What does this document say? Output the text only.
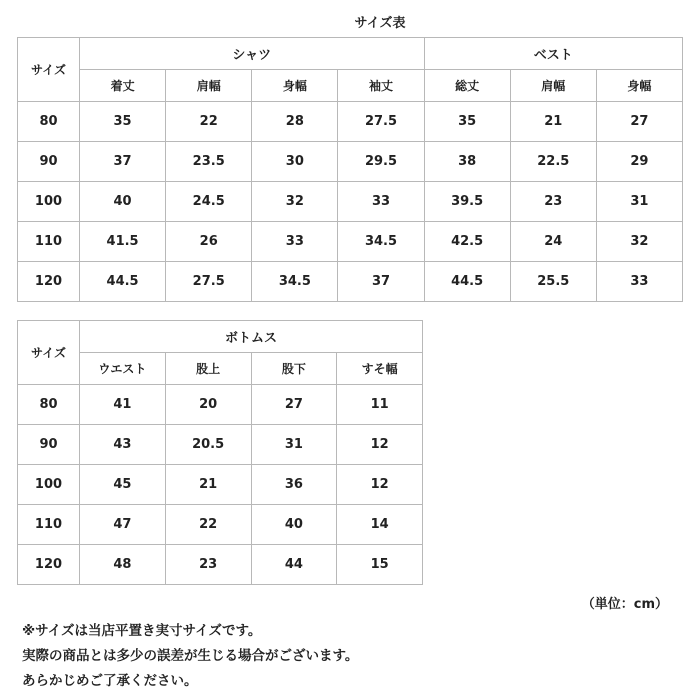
サイズ表
サイズ	シャツ				ベスト		
	着丈	肩幅	身幅	袖丈	総丈	肩幅	身幅
80	35	22	28	27.5	35	21	27
90	37	23.5	30	29.5	38	22.5	29
100	40	24.5	32	33	39.5	23	31
110	41.5	26	33	34.5	42.5	24	32
120	44.5	27.5	34.5	37	44.5	25.5	33
サイズ	ボトムス			
	ウエスト	股上	股下	すそ幅
80	41	20	27	11
90	43	20.5	31	12
100	45	21	36	12
110	47	22	40	14
120	48	23	44	15
（単位：cm）
※サイズは当店平置き実寸サイズです。
実際の商品とは多少の誤差が生じる場合がございます。
あらかじめご了承ください。
